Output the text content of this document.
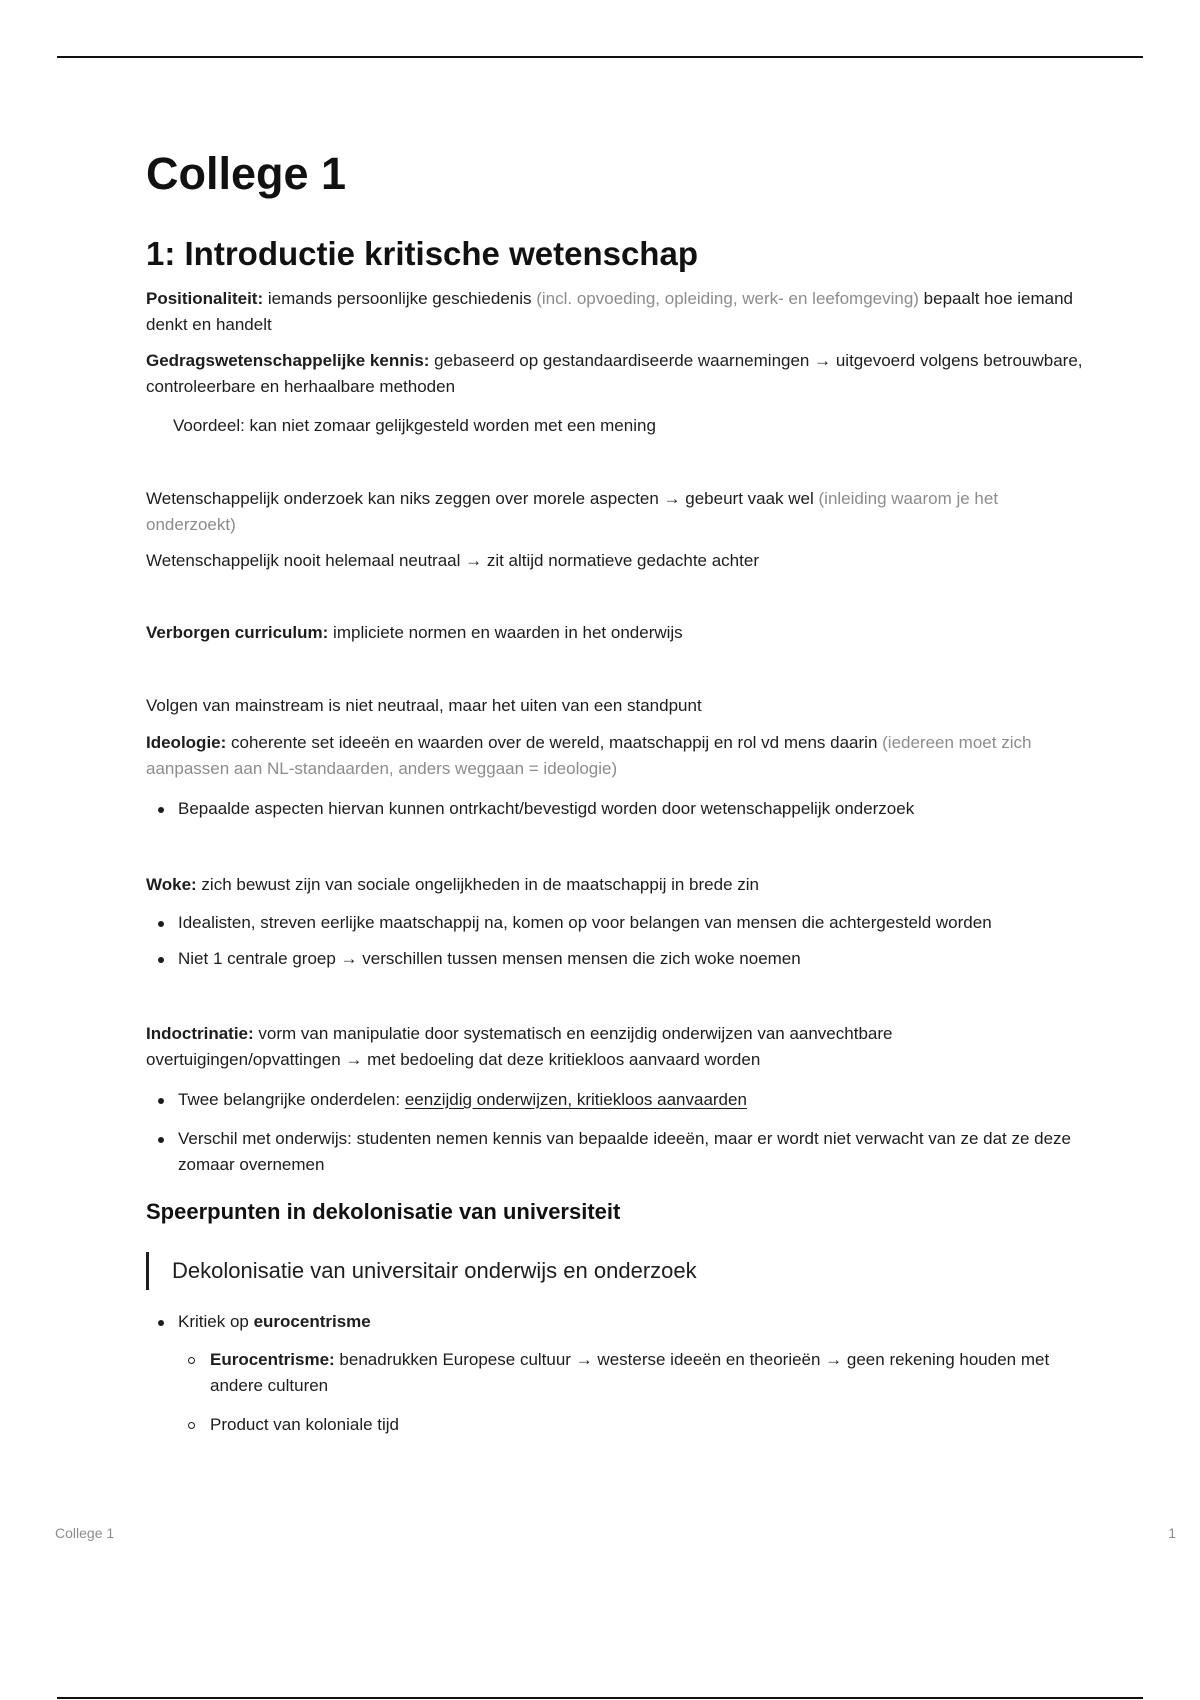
College 1
1: Introductie kritische wetenschap

Positionaliteit: iemands persoonlijke geschiedenis (incl. opvoeding, opleiding, werk- en leefomgeving) bepaalt hoe iemand denkt en handelt

Gedragswetenschappelijke kennis: gebaseerd op gestandaardiseerde waarnemingen → uitgevoerd volgens betrouwbare, controleerbare en herhaalbare methoden

Voordeel: kan niet zomaar gelijkgesteld worden met een mening

Wetenschappelijk onderzoek kan niks zeggen over morele aspecten → gebeurt vaak wel (inleiding waarom je het onderzoekt)

Wetenschappelijk nooit helemaal neutraal → zit altijd normatieve gedachte achter

Verborgen curriculum: impliciete normen en waarden in het onderwijs

Volgen van mainstream is niet neutraal, maar het uiten van een standpunt

Ideologie: coherente set ideeën en waarden over de wereld, maatschappij en rol vd mens daarin (iedereen moet zich aanpassen aan NL-standaarden, anders weggaan = ideologie)

Bepaalde aspecten hiervan kunnen ontrkacht/bevestigd worden door wetenschappelijk onderzoek

Woke: zich bewust zijn van sociale ongelijkheden in de maatschappij in brede zin

Idealisten, streven eerlijke maatschappij na, komen op voor belangen van mensen die achtergesteld worden
Niet 1 centrale groep → verschillen tussen mensen mensen die zich woke noemen

Indoctrinatie: vorm van manipulatie door systematisch en eenzijdig onderwijzen van aanvechtbare overtuigingen/opvattingen → met bedoeling dat deze kritiekloos aanvaard worden

Twee belangrijke onderdelen: eenzijdig onderwijzen, kritiekloos aanvaarden
Verschil met onderwijs: studenten nemen kennis van bepaalde ideeën, maar er wordt niet verwacht van ze dat ze deze zomaar overnemen
Speerpunten in dekolonisatie van universiteit
Dekolonisatie van universitair onderwijs en onderzoek
Kritiek op eurocentrisme
Eurocentrisme: benadrukken Europese cultuur → westerse ideeën en theorieën → geen rekening houden met andere culturen
Product van koloniale tijd
College 1	1
